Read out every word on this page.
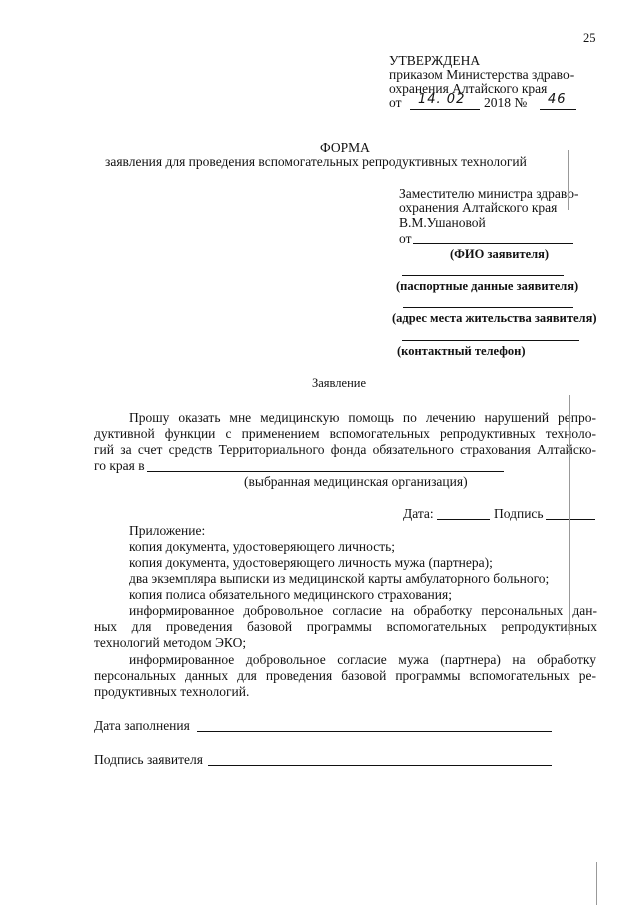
25
УТВЕРЖДЕНА
приказом Министерства здраво-
охранения Алтайского края
от 14. 02 2018 № 46
ФОРМА
заявления для проведения вспомогательных репродуктивных технологий
Заместителю министра здраво-
охранения Алтайского края
В.М.Ушановой
от
(ФИО заявителя)
(паспортные данные заявителя)
(адрес места жительства заявителя)
(контактный телефон)
Заявление
Прошу оказать мне медицинскую помощь по лечению нарушений репро-
дуктивной функции с применением вспомогательных репродуктивных техноло-
гий за счет средств Территориального фонда обязательного страхования Алтайско-
го края в
(выбранная медицинская организация)
Дата:	Подпись
Приложение:
копия документа, удостоверяющего личность;
копия документа, удостоверяющего личность мужа (партнера);
два экземпляра выписки из медицинской карты амбулаторного больного;
копия полиса обязательного медицинского страхования;
информированное добровольное согласие на обработку персональных дан-
ных для проведения базовой программы вспомогательных репродуктивных
технологий методом ЭКО;
информированное добровольное согласие мужа (партнера) на обработку
персональных данных для проведения базовой программы вспомогательных ре-
продуктивных технологий.
Дата заполнения
Подпись заявителя
